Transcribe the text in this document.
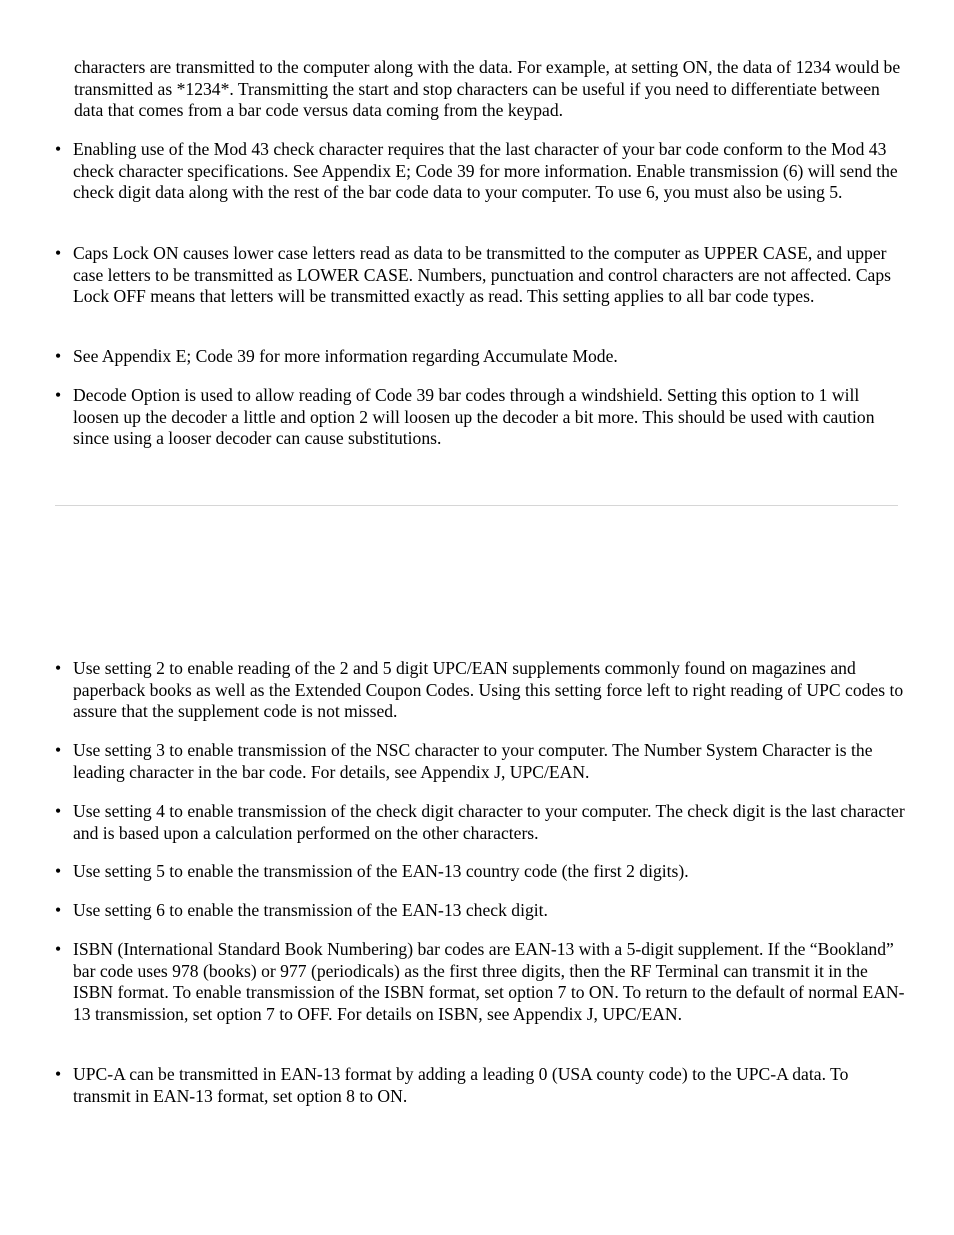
characters are transmitted to the computer along with the data. For example, at setting ON, the data of 1234 would be transmitted as *1234*. Transmitting the start and stop characters can be useful if you need to differentiate between data that comes from a bar code versus data coming from the keypad.

• Enabling use of the Mod 43 check character requires that the last character of your bar code conform to the Mod 43 check character specifications. See Appendix E; Code 39 for more information. Enable transmission (6) will send the check digit data along with the rest of the bar code data to your computer. To use 6, you must also be using 5.
• Caps Lock ON causes lower case letters read as data to be transmitted to the computer as UPPER CASE, and upper case letters to be transmitted as LOWER CASE. Numbers, punctuation and control characters are not affected. Caps Lock OFF means that letters will be transmitted exactly as read. This setting applies to all bar code types.
• See Appendix E; Code 39 for more information regarding Accumulate Mode.
• Decode Option is used to allow reading of Code 39 bar codes through a windshield. Setting this option to 1 will loosen up the decoder a little and option 2 will loosen up the decoder a bit more. This should be used with caution since using a looser decoder can cause substitutions.
• Use setting 2 to enable reading of the 2 and 5 digit UPC/EAN supplements commonly found on magazines and paperback books as well as the Extended Coupon Codes. Using this setting force left to right reading of UPC codes to assure that the supplement code is not missed.
• Use setting 3 to enable transmission of the NSC character to your computer. The Number System Character is the leading character in the bar code. For details, see Appendix J, UPC/EAN.
• Use setting 4 to enable transmission of the check digit character to your computer. The check digit is the last character and is based upon a calculation performed on the other characters.
• Use setting 5 to enable the transmission of the EAN-13 country code (the first 2 digits).
• Use setting 6 to enable the transmission of the EAN-13 check digit.
• ISBN (International Standard Book Numbering) bar codes are EAN-13 with a 5-digit supplement. If the “Bookland” bar code uses 978 (books) or 977 (periodicals) as the first three digits, then the RF Terminal can transmit it in the ISBN format. To enable transmission of the ISBN format, set option 7 to ON. To return to the default of normal EAN-13 transmission, set option 7 to OFF. For details on ISBN, see Appendix J, UPC/EAN.
• UPC-A can be transmitted in EAN-13 format by adding a leading 0 (USA county code) to the UPC-A data. To transmit in EAN-13 format, set option 8 to ON.
